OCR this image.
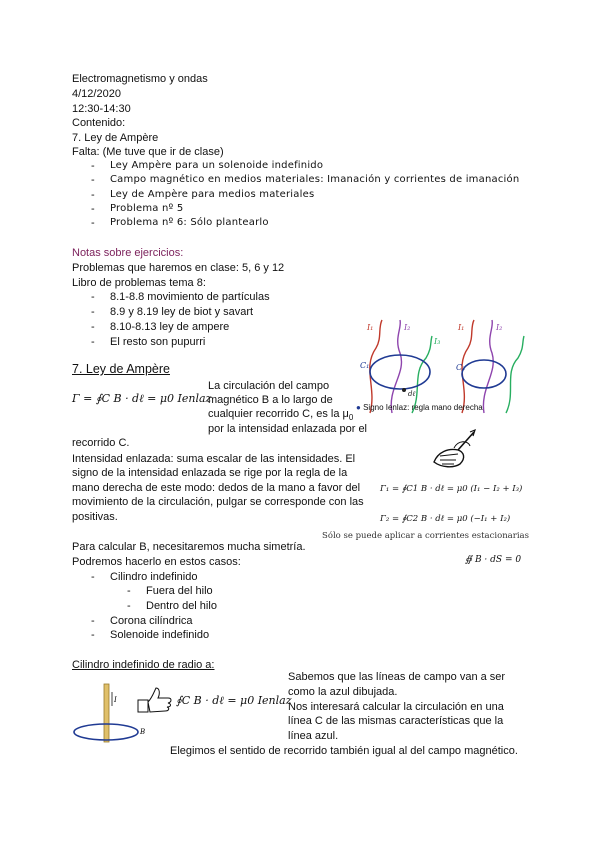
Electromagnetismo y ondas
4/12/2020
12:30-14:30
Contenido:
7. Ley de Ampère
Falta: (Me tuve que ir de clase)
- Ley Ampère para un solenoide indefinido
- Campo magnético en medios materiales: Imanación y corrientes de imanación
- Ley de Ampère para medios materiales
- Problema nº 5
- Problema nº 6: Sólo plantearlo
Notas sobre ejercicios:
Problemas que haremos en clase: 5, 6 y 12
Libro de problemas tema 8:
- 8.1-8.8 movimiento de partículas
- 8.9 y 8.19 ley de biot y savart
- 8.10-8.13 ley de ampere
- El resto son pupurri
7. Ley de Ampère
Γ = ∮C B · dℓ = μ0 Ienlaz
La circulación del campo
magnético B a lo largo de
cualquier recorrido C, es la $\mu_0$
por la intensidad enlazada por el
recorrido C.
Intensidad enlazada: suma escalar de las intensidades. El
signo de la intensidad enlazada se rige por la regla de la
mano derecha de este modo: dedos de la mano a favor del
movimiento de la circulación, pulgar se corresponde con las
positivas.
I₁	I₂
I₃
C₁
dℓ
I₁	I₂
C₂
● Signo Ienlaz: regla mano derecha
Γ₁ = ∮C1 B · dℓ = μ0 (I₁ − I₂ + I₃)
Γ₂ = ∮C2 B · dℓ = μ0 (−I₁ + I₂)
Sólo se puede aplicar a corrientes estacionarias
∯ B · dS = 0
Para calcular B, necesitaremos mucha simetría.
Podremos hacerlo en estos casos:
- Cilindro indefinido
- Fuera del hilo
- Dentro del hilo
- Corona cilíndrica
- Solenoide indefinido
Cilindro indefinido de radio a:
I
B
∮C B · dℓ = μ0 Ienlaz
Sabemos que las líneas de campo van a ser
como la azul dibujada.
Nos interesará calcular la circulación en una
línea C de las mismas características que la
línea azul.
Elegimos el sentido de recorrido también igual al del campo magnético.
